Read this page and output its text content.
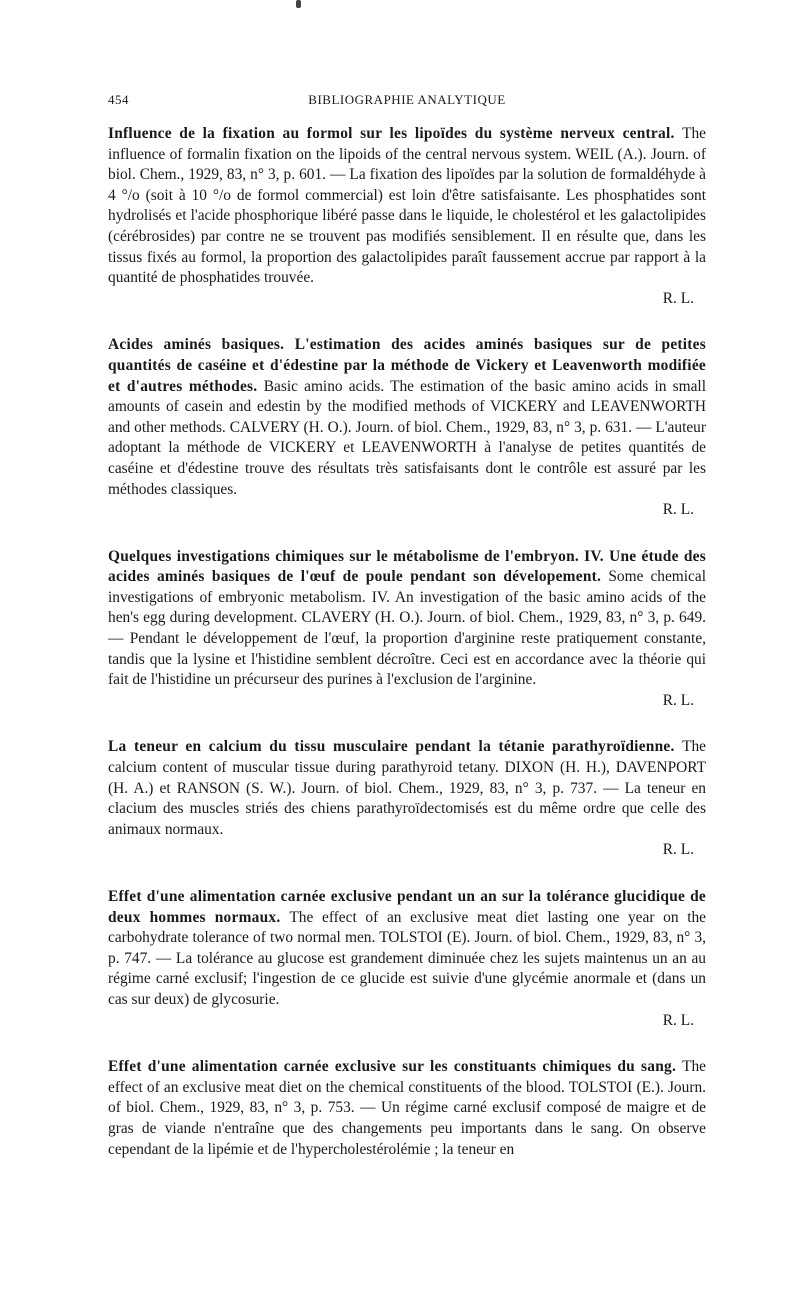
454	BIBLIOGRAPHIE ANALYTIQUE
Influence de la fixation au formol sur les lipoïdes du système nerveux central. The influence of formalin fixation on the lipoids of the central nervous system. WEIL (A.). Journ. of biol. Chem., 1929, 83, n° 3, p. 601. — La fixation des lipoïdes par la solution de formaldéhyde à 4 °/o (soit à 10 °/o de formol commercial) est loin d'être satisfaisante. Les phosphatides sont hydrolisés et l'acide phosphorique libéré passe dans le liquide, le cholestérol et les galactolipides (cérébrosides) par contre ne se trouvent pas modifiés sensiblement. Il en résulte que, dans les tissus fixés au formol, la proportion des galactolipides paraît faussement accrue par rapport à la quantité de phosphatides trouvée.
R. L.
Acides aminés basiques. L'estimation des acides aminés basiques sur de petites quantités de caséine et d'édestine par la méthode de Vickery et Leavenworth modifiée et d'autres méthodes. Basic amino acids. The estimation of the basic amino acids in small amounts of casein and edestin by the modified methods of VICKERY and LEAVENWORTH and other methods. CALVERY (H. O.). Journ. of biol. Chem., 1929, 83, n° 3, p. 631. — L'auteur adoptant la méthode de VICKERY et LEAVENWORTH à l'analyse de petites quantités de caséine et d'édestine trouve des résultats très satisfaisants dont le contrôle est assuré par les méthodes classiques.
R. L.
Quelques investigations chimiques sur le métabolisme de l'embryon. IV. Une étude des acides aminés basiques de l'œuf de poule pendant son dévelopement. Some chemical investigations of embryonic metabolism. IV. An investigation of the basic amino acids of the hen's egg during development. CLAVERY (H. O.). Journ. of biol. Chem., 1929, 83, n° 3, p. 649. — Pendant le développement de l'œuf, la proportion d'arginine reste pratiquement constante, tandis que la lysine et l'histidine semblent décroître. Ceci est en accordance avec la théorie qui fait de l'histidine un précurseur des purines à l'exclusion de l'arginine.
R. L.
La teneur en calcium du tissu musculaire pendant la tétanie parathyroïdienne. The calcium content of muscular tissue during parathyroid tetany. DIXON (H. H.), DAVENPORT (H. A.) et RANSON (S. W.). Journ. of biol. Chem., 1929, 83, n° 3, p. 737. — La teneur en clacium des muscles striés des chiens parathyroïdectomisés est du même ordre que celle des animaux normaux.
R. L.
Effet d'une alimentation carnée exclusive pendant un an sur la tolérance glucidique de deux hommes normaux. The effect of an exclusive meat diet lasting one year on the carbohydrate tolerance of two normal men. TOLSTOI (E). Journ. of biol. Chem., 1929, 83, n° 3, p. 747. — La tolérance au glucose est grandement diminuée chez les sujets maintenus un an au régime carné exclusif; l'ingestion de ce glucide est suivie d'une glycémie anormale et (dans un cas sur deux) de glycosurie.
R. L.
Effet d'une alimentation carnée exclusive sur les constituants chimiques du sang. The effect of an exclusive meat diet on the chemical constituents of the blood. TOLSTOI (E.). Journ. of biol. Chem., 1929, 83, n° 3, p. 753. — Un régime carné exclusif composé de maigre et de gras de viande n'entraîne que des changements peu importants dans le sang. On observe cependant de la lipémie et de l'hypercholestérolémie ; la teneur en
